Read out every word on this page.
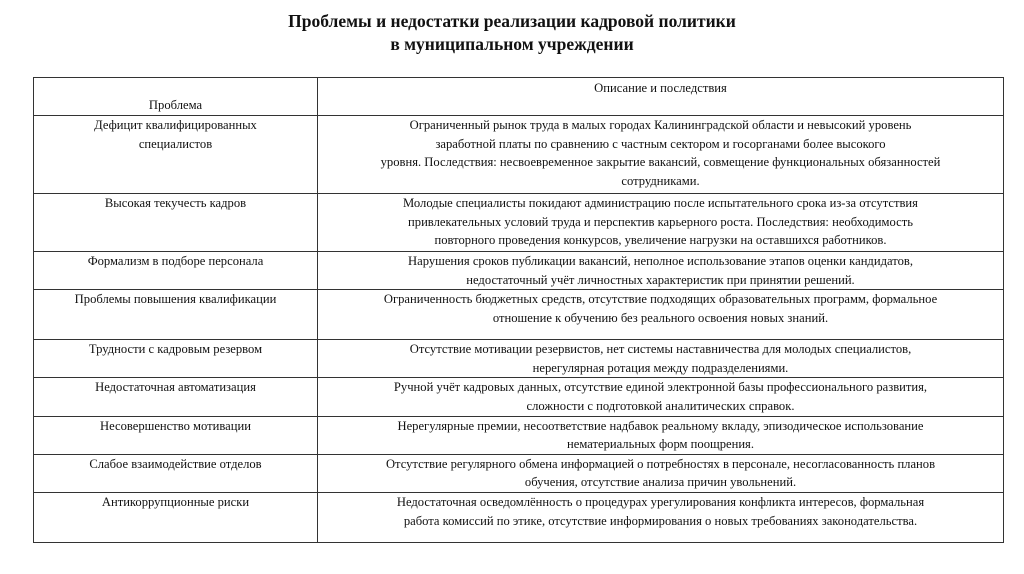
Проблемы и недостатки реализации кадровой политики
в муниципальном учреждении
Проблема	Описание и последствия

Дефицит квалифицированных
специалистов	Ограниченный рынок труда в малых городах Калининградской области и невысокий уровень
заработной платы по сравнению с частным сектором и госорганами более высокого
уровня. Последствия: несвоевременное закрытие вакансий, совмещение функциональных обязанностей
сотрудниками.

Высокая текучесть кадров	Молодые специалисты покидают администрацию после испытательного срока из-за отсутствия
привлекательных условий труда и перспектив карьерного роста. Последствия: необходимость
повторного проведения конкурсов, увеличение нагрузки на оставшихся работников.

Формализм в подборе персонала	Нарушения сроков публикации вакансий, неполное использование этапов оценки кандидатов,
недостаточный учёт личностных характеристик при принятии решений.

Проблемы повышения квалификации	Ограниченность бюджетных средств, отсутствие подходящих образовательных программ, формальное
отношение к обучению без реального освоения новых знаний.

Трудности с кадровым резервом	Отсутствие мотивации резервистов, нет системы наставничества для молодых специалистов,
нерегулярная ротация между подразделениями.

Недостаточная автоматизация	Ручной учёт кадровых данных, отсутствие единой электронной базы профессионального развития,
сложности с подготовкой аналитических справок.

Несовершенство мотивации	Нерегулярные премии, несоответствие надбавок реальному вкладу, эпизодическое использование
нематериальных форм поощрения.

Слабое взаимодействие отделов	Отсутствие регулярного обмена информацией о потребностях в персонале, несогласованность планов
обучения, отсутствие анализа причин увольнений.

Антикоррупционные риски	Недостаточная осведомлённость о процедурах урегулирования конфликта интересов, формальная
работа комиссий по этике, отсутствие информирования о новых требованиях законодательства.
